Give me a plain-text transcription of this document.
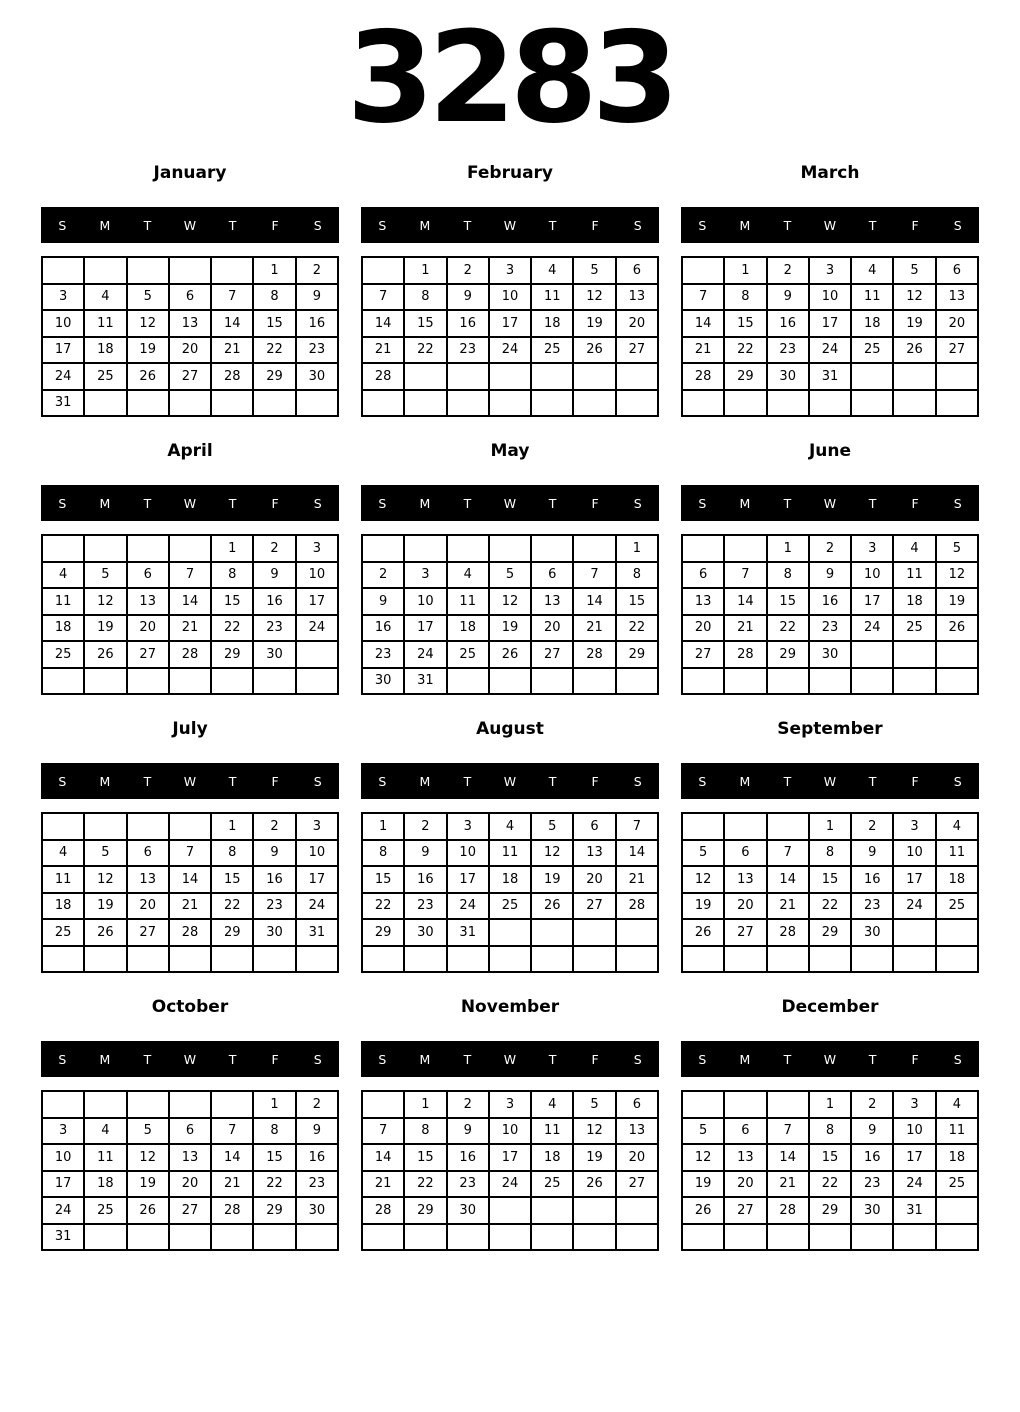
3283
January
S	M	T	W	T	F	S
					1	2
3	4	5	6	7	8	9
10	11	12	13	14	15	16
17	18	19	20	21	22	23
24	25	26	27	28	29	30
31						
February
S	M	T	W	T	F	S
	1	2	3	4	5	6
7	8	9	10	11	12	13
14	15	16	17	18	19	20
21	22	23	24	25	26	27
28						

March
S	M	T	W	T	F	S
	1	2	3	4	5	6
7	8	9	10	11	12	13
14	15	16	17	18	19	20
21	22	23	24	25	26	27
28	29	30	31			

April
S	M	T	W	T	F	S
				1	2	3
4	5	6	7	8	9	10
11	12	13	14	15	16	17
18	19	20	21	22	23	24
25	26	27	28	29	30	

May
S	M	T	W	T	F	S
						1
2	3	4	5	6	7	8
9	10	11	12	13	14	15
16	17	18	19	20	21	22
23	24	25	26	27	28	29
30	31					
June
S	M	T	W	T	F	S
		1	2	3	4	5
6	7	8	9	10	11	12
13	14	15	16	17	18	19
20	21	22	23	24	25	26
27	28	29	30			

July
S	M	T	W	T	F	S
				1	2	3
4	5	6	7	8	9	10
11	12	13	14	15	16	17
18	19	20	21	22	23	24
25	26	27	28	29	30	31

August
S	M	T	W	T	F	S
1	2	3	4	5	6	7
8	9	10	11	12	13	14
15	16	17	18	19	20	21
22	23	24	25	26	27	28
29	30	31				

September
S	M	T	W	T	F	S
			1	2	3	4
5	6	7	8	9	10	11
12	13	14	15	16	17	18
19	20	21	22	23	24	25
26	27	28	29	30		

October
S	M	T	W	T	F	S
					1	2
3	4	5	6	7	8	9
10	11	12	13	14	15	16
17	18	19	20	21	22	23
24	25	26	27	28	29	30
31						
November
S	M	T	W	T	F	S
	1	2	3	4	5	6
7	8	9	10	11	12	13
14	15	16	17	18	19	20
21	22	23	24	25	26	27
28	29	30				

December
S	M	T	W	T	F	S
			1	2	3	4
5	6	7	8	9	10	11
12	13	14	15	16	17	18
19	20	21	22	23	24	25
26	27	28	29	30	31	
